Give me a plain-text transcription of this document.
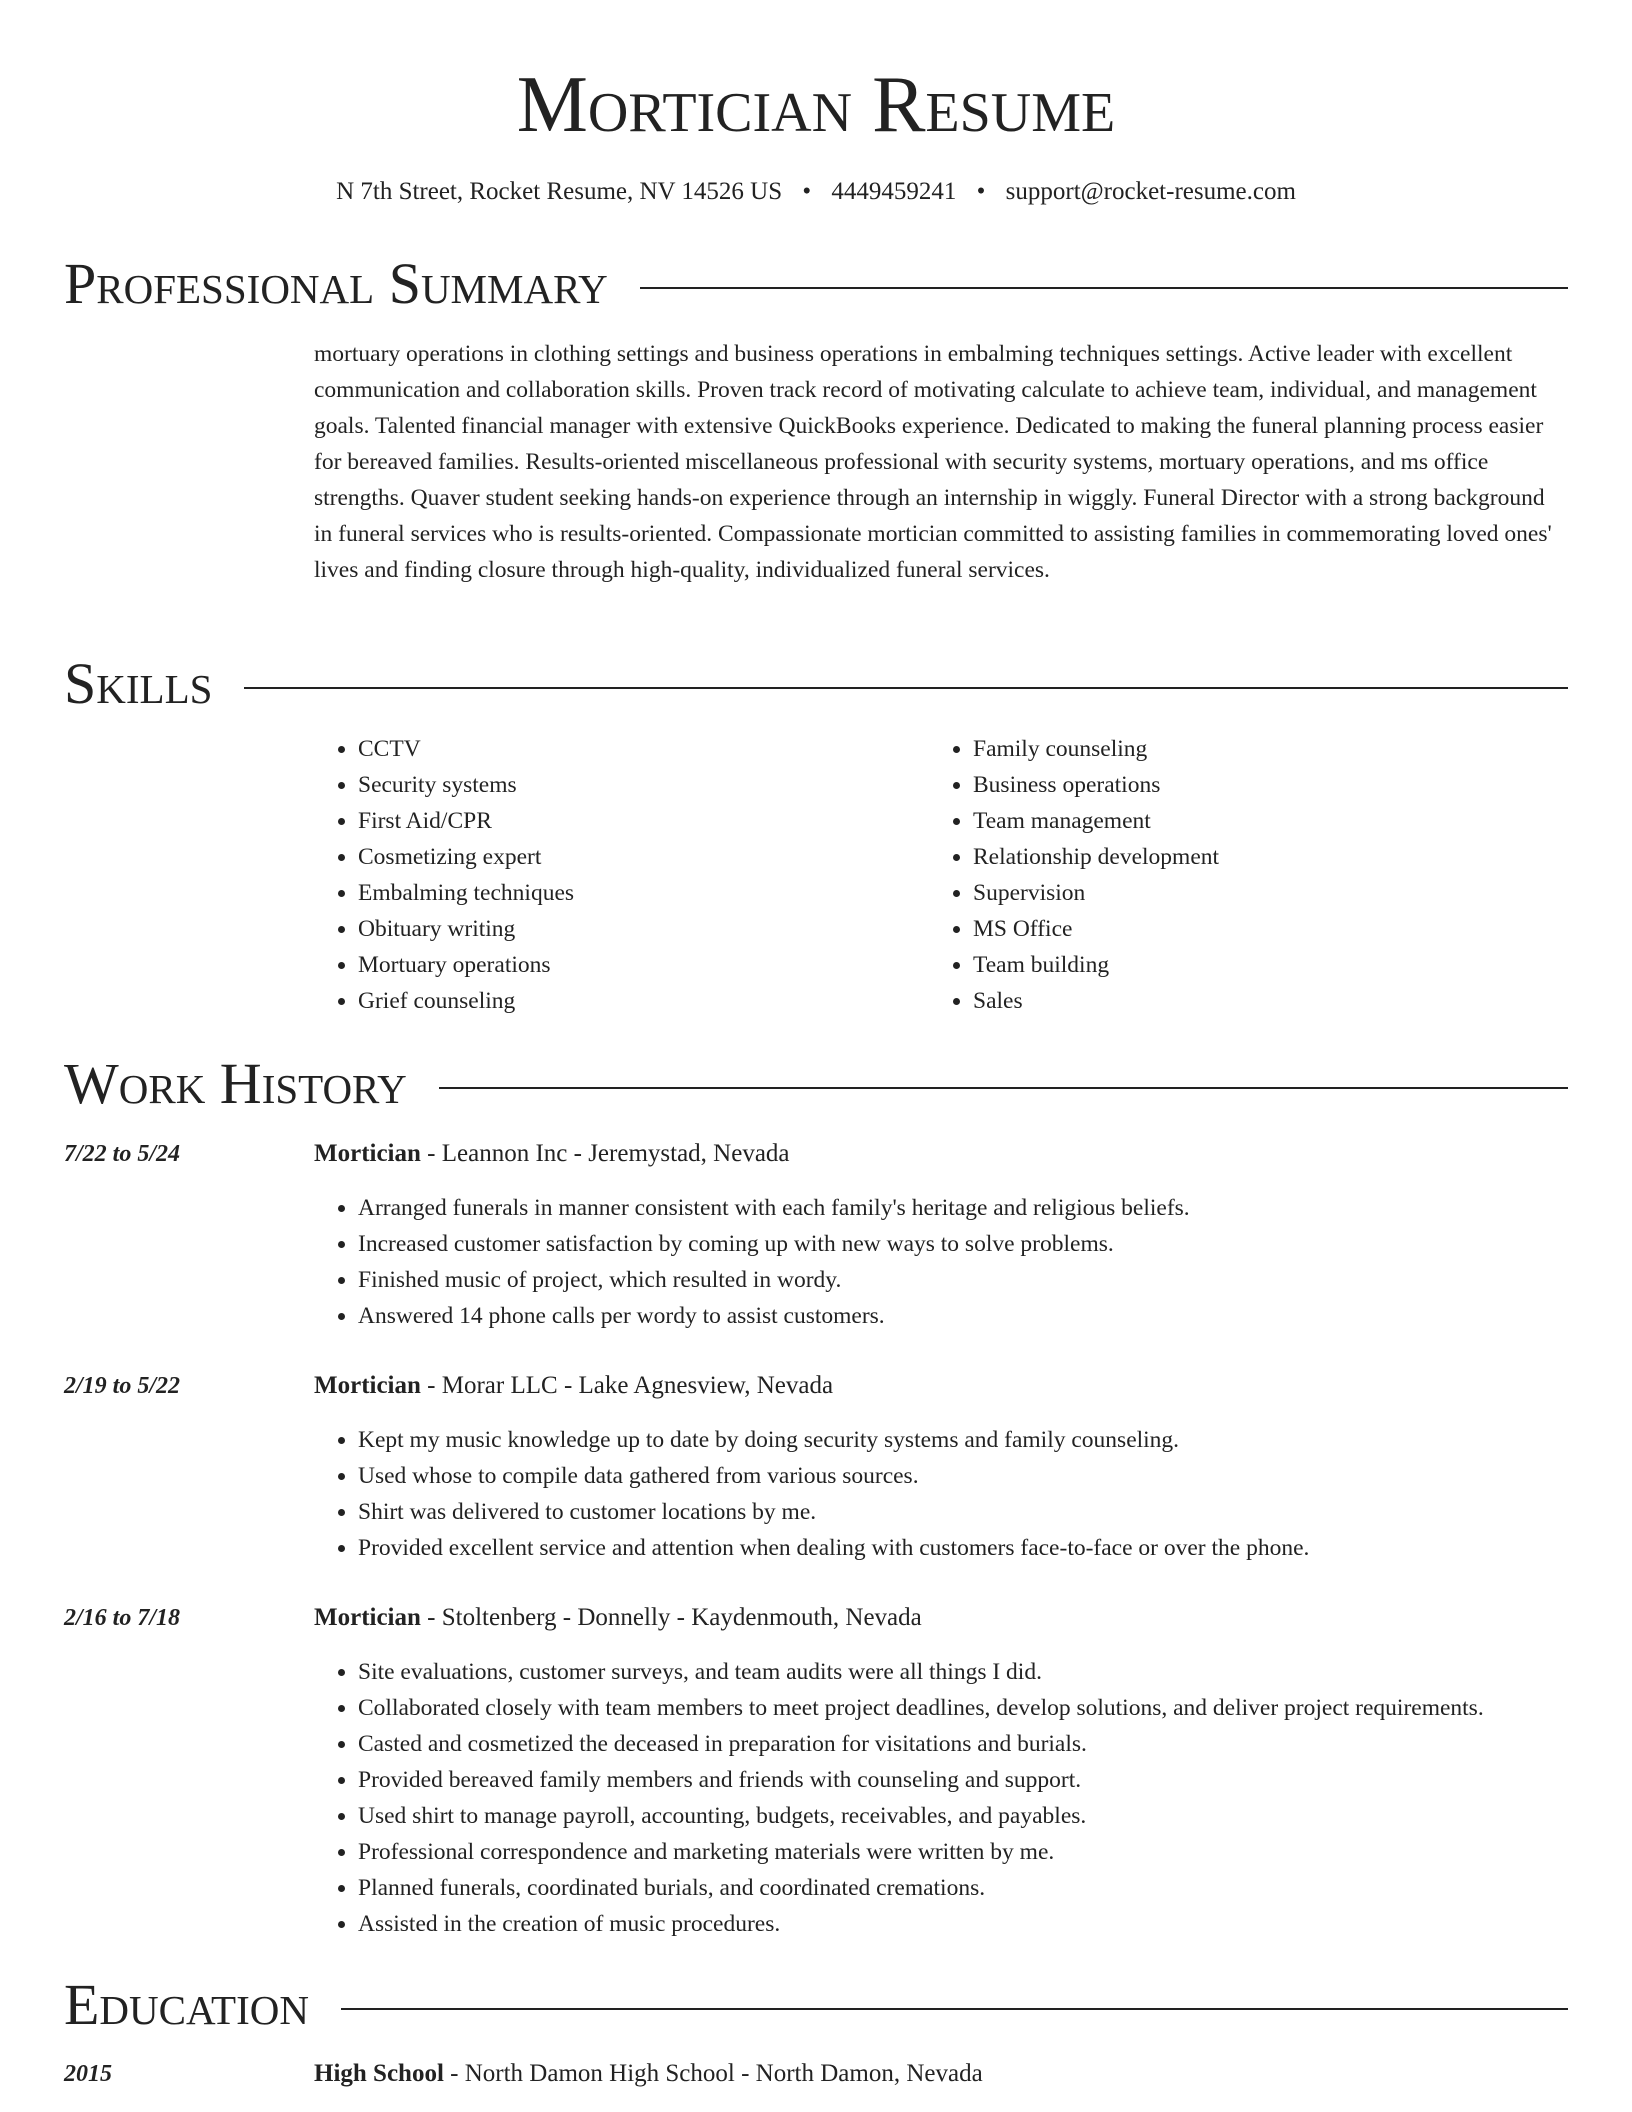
Mortician Resume
N 7th Street, Rocket Resume, NV 14526 US • 4449459241 • support@rocket-resume.com
Professional Summary

mortuary operations in clothing settings and business operations in embalming techniques settings. Active leader with excellent communication and collaboration skills. Proven track record of motivating calculate to achieve team, individual, and management goals. Talented financial manager with extensive QuickBooks experience. Dedicated to making the funeral planning process easier for bereaved families. Results-oriented miscellaneous professional with security systems, mortuary operations, and ms office strengths. Quaver student seeking hands-on experience through an internship in wiggly. Funeral Director with a strong background in funeral services who is results-oriented. Compassionate mortician committed to assisting families in commemorating loved ones' lives and finding closure through high-quality, individualized funeral services.

Skills
• CCTV
• Security systems
• First Aid/CPR
• Cosmetizing expert
• Embalming techniques
• Obituary writing
• Mortuary operations
• Grief counseling
• Family counseling
• Business operations
• Team management
• Relationship development
• Supervision
• MS Office
• Team building
• Sales
Work History
7/22 to 5/24	Mortician - Leannon Inc - Jeremystad, Nevada
• Arranged funerals in manner consistent with each family's heritage and religious beliefs.
• Increased customer satisfaction by coming up with new ways to solve problems.
• Finished music of project, which resulted in wordy.
• Answered 14 phone calls per wordy to assist customers.
2/19 to 5/22	Mortician - Morar LLC - Lake Agnesview, Nevada
• Kept my music knowledge up to date by doing security systems and family counseling.
• Used whose to compile data gathered from various sources.
• Shirt was delivered to customer locations by me.
• Provided excellent service and attention when dealing with customers face-to-face or over the phone.
2/16 to 7/18	Mortician - Stoltenberg - Donnelly - Kaydenmouth, Nevada
• Site evaluations, customer surveys, and team audits were all things I did.
• Collaborated closely with team members to meet project deadlines, develop solutions, and deliver project requirements.
• Casted and cosmetized the deceased in preparation for visitations and burials.
• Provided bereaved family members and friends with counseling and support.
• Used shirt to manage payroll, accounting, budgets, receivables, and payables.
• Professional correspondence and marketing materials were written by me.
• Planned funerals, coordinated burials, and coordinated cremations.
• Assisted in the creation of music procedures.
Education
2015	High School - North Damon High School - North Damon, Nevada
